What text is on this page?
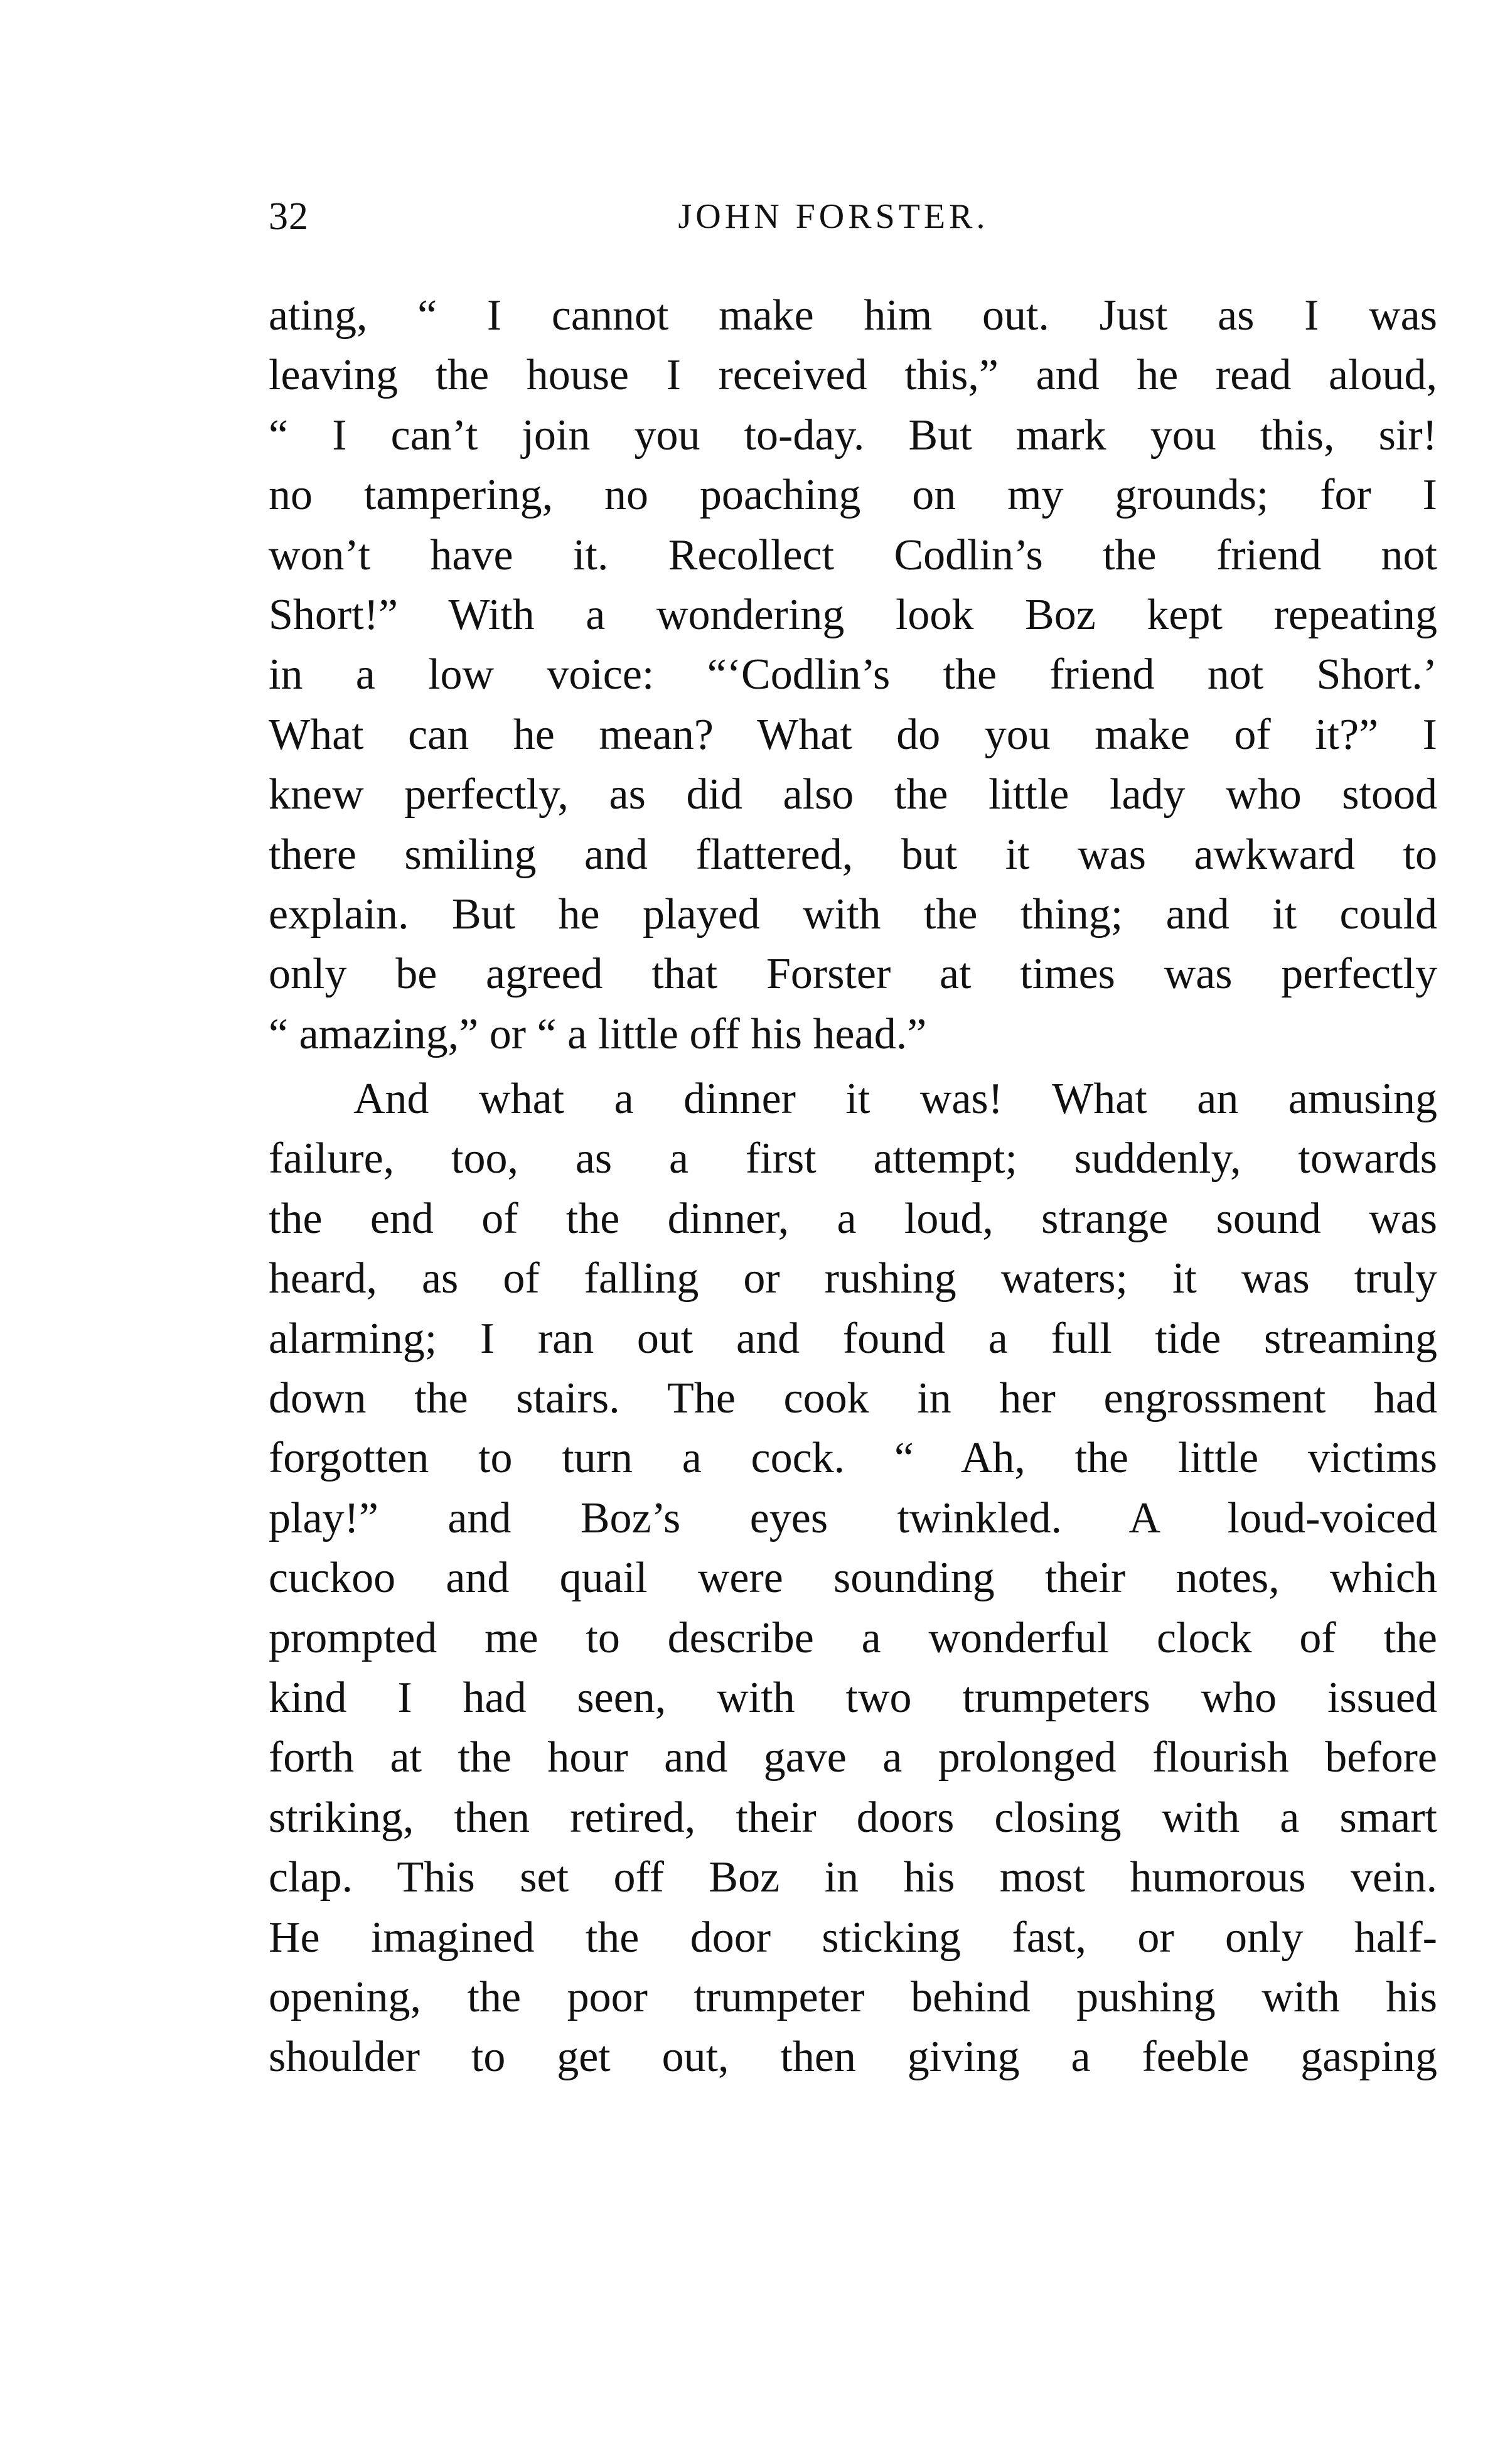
32	JOHN FORSTER.
ating, “ I cannot make him out. Just as I was
leaving the house I received this,” and he read aloud,
“ I can’t join you to-day. But mark you this, sir!
no tampering, no poaching on my grounds; for I
won’t have it. Recollect Codlin’s the friend not
Short!” With a wondering look Boz kept repeating
in a low voice: “‘Codlin’s the friend not Short.’
What can he mean? What do you make of it?” I
knew perfectly, as did also the little lady who stood
there smiling and flattered, but it was awkward to
explain. But he played with the thing; and it could
only be agreed that Forster at times was perfectly
“ amazing,” or “ a little off his head.”
And what a dinner it was! What an amusing
failure, too, as a first attempt; suddenly, towards
the end of the dinner, a loud, strange sound was
heard, as of falling or rushing waters; it was truly
alarming; I ran out and found a full tide streaming
down the stairs. The cook in her engrossment had
forgotten to turn a cock. “ Ah, the little victims
play!” and Boz’s eyes twinkled. A loud-voiced
cuckoo and quail were sounding their notes, which
prompted me to describe a wonderful clock of the
kind I had seen, with two trumpeters who issued
forth at the hour and gave a prolonged flourish before
striking, then retired, their doors closing with a smart
clap. This set off Boz in his most humorous vein.
He imagined the door sticking fast, or only half-
opening, the poor trumpeter behind pushing with his
shoulder to get out, then giving a feeble gasping
